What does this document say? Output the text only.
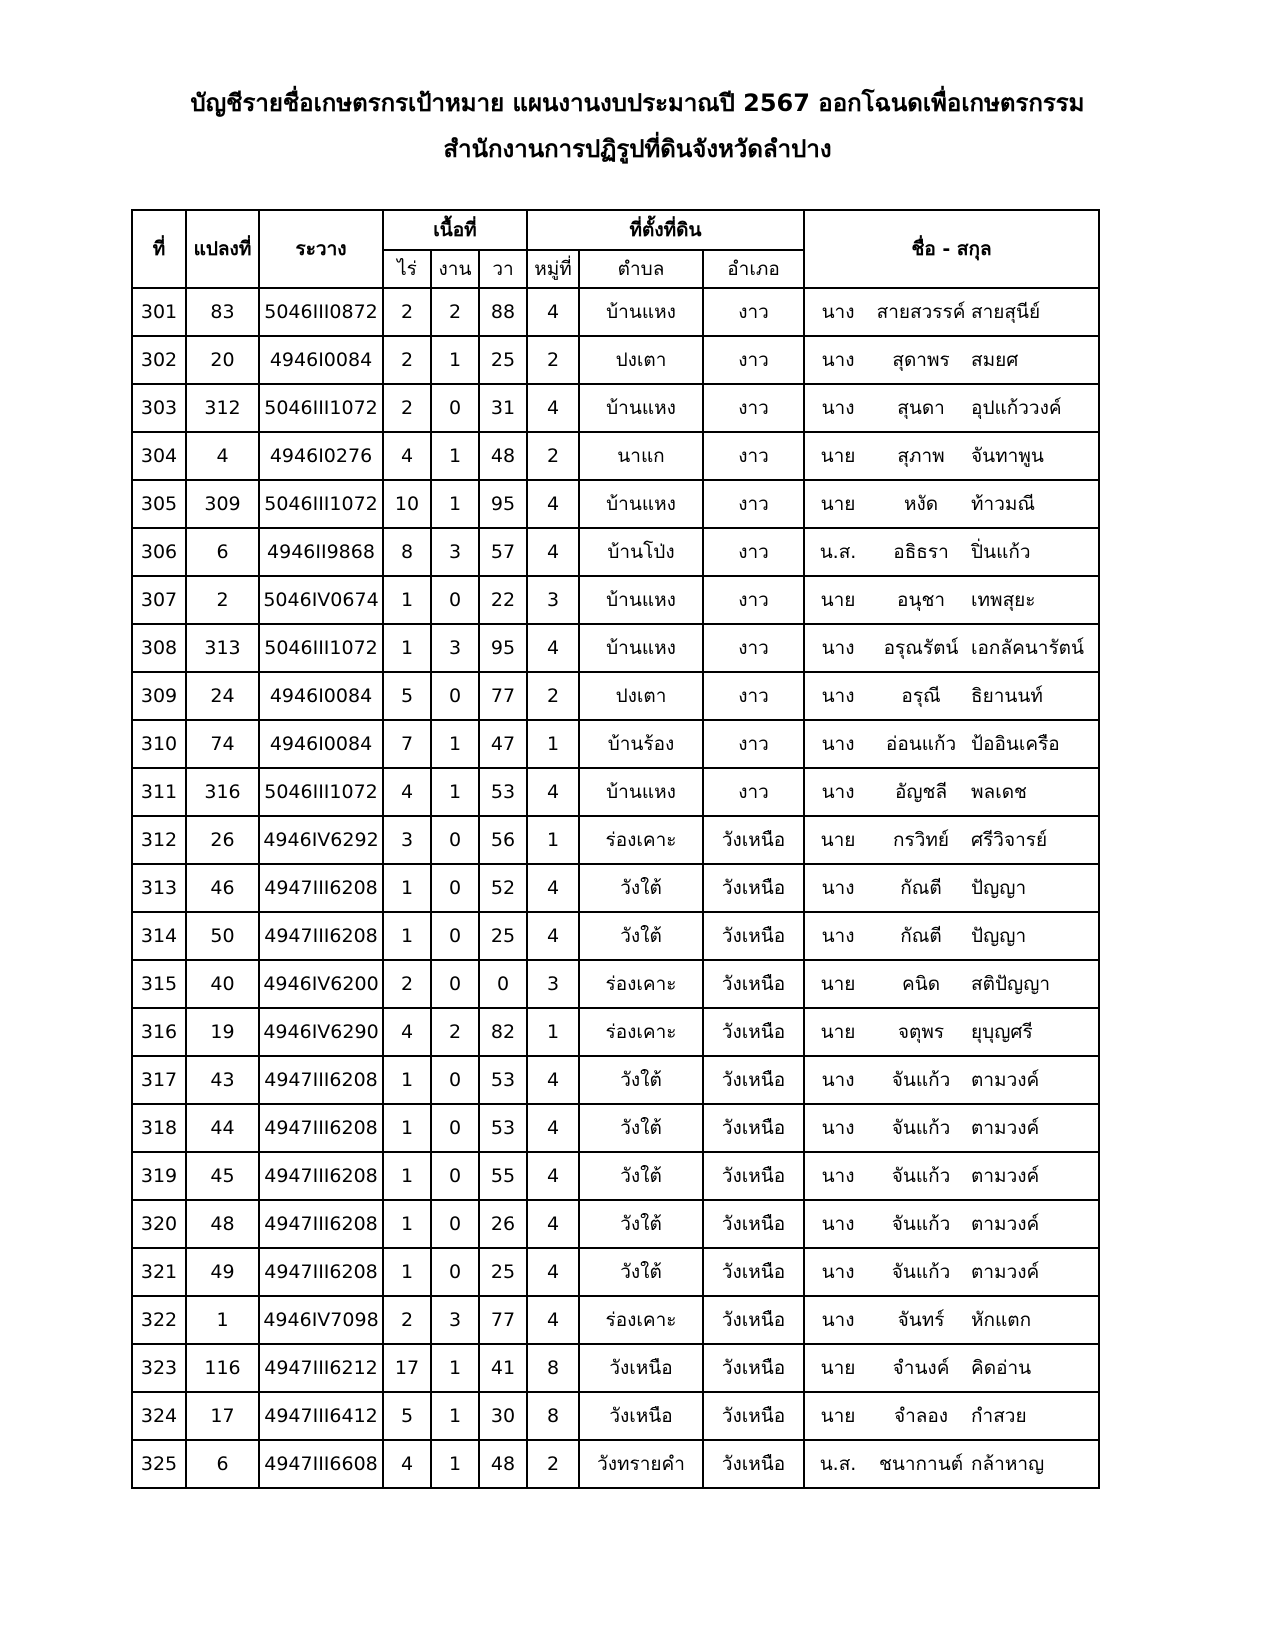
บัญชีรายชื่อเกษตรกรเป้าหมาย แผนงานงบประมาณปี 2567 ออกโฉนดเพื่อเกษตรกรรม
สำนักงานการปฏิรูปที่ดินจังหวัดลำปาง
ที่	แปลงที่	ระวาง	เนื้อที่			ที่ตั้งที่ดิน			ชื่อ - สกุล
			ไร่	งาน	วา	หมู่ที่	ตำบล	อำเภอ	
301	83	5046III0872	2	2	88	4	บ้านแหง	งาว	นาง สายสวรรค์ สายสุนีย์

302	20	4946I0084	2	1	25	2	ปงเตา	งาว	นาง สุดาพร สมยศ

303	312	5046III1072	2	0	31	4	บ้านแหง	งาว	นาง สุนดา อุปแก้ววงค์

304	4	4946I0276	4	1	48	2	นาแก	งาว	นาย สุภาพ จันทาพูน

305	309	5046III1072	10	1	95	4	บ้านแหง	งาว	นาย หงัด ท้าวมณี

306	6	4946II9868	8	3	57	4	บ้านโป่ง	งาว	น.ส. อธิธรา ปิ่นแก้ว

307	2	5046IV0674	1	0	22	3	บ้านแหง	งาว	นาย อนุชา เทพสุยะ

308	313	5046III1072	1	3	95	4	บ้านแหง	งาว	นาง อรุณรัตน์ เอกลัคนารัตน์

309	24	4946I0084	5	0	77	2	ปงเตา	งาว	นาง อรุณี ธิยานนท์

310	74	4946I0084	7	1	47	1	บ้านร้อง	งาว	นาง อ่อนแก้ว ป้ออินเครือ

311	316	5046III1072	4	1	53	4	บ้านแหง	งาว	นาง อัญชลี พลเดช

312	26	4946IV6292	3	0	56	1	ร่องเคาะ	วังเหนือ	นาย กรวิทย์ ศรีวิจารย์

313	46	4947III6208	1	0	52	4	วังใต้	วังเหนือ	นาง กัณตี ปัญญา

314	50	4947III6208	1	0	25	4	วังใต้	วังเหนือ	นาง กัณตี ปัญญา

315	40	4946IV6200	2	0	0	3	ร่องเคาะ	วังเหนือ	นาย คนิด สติปัญญา

316	19	4946IV6290	4	2	82	1	ร่องเคาะ	วังเหนือ	นาย จตุพร ยุบุญศรี

317	43	4947III6208	1	0	53	4	วังใต้	วังเหนือ	นาง จันแก้ว ตามวงค์

318	44	4947III6208	1	0	53	4	วังใต้	วังเหนือ	นาง จันแก้ว ตามวงค์

319	45	4947III6208	1	0	55	4	วังใต้	วังเหนือ	นาง จันแก้ว ตามวงค์

320	48	4947III6208	1	0	26	4	วังใต้	วังเหนือ	นาง จันแก้ว ตามวงค์

321	49	4947III6208	1	0	25	4	วังใต้	วังเหนือ	นาง จันแก้ว ตามวงค์

322	1	4946IV7098	2	3	77	4	ร่องเคาะ	วังเหนือ	นาง จันทร์ หักแตก

323	116	4947III6212	17	1	41	8	วังเหนือ	วังเหนือ	นาย จำนงค์ คิดอ่าน

324	17	4947III6412	5	1	30	8	วังเหนือ	วังเหนือ	นาย จำลอง กำสวย

325	6	4947III6608	4	1	48	2	วังทรายคำ	วังเหนือ	น.ส. ชนากานต์ กล้าหาญ
